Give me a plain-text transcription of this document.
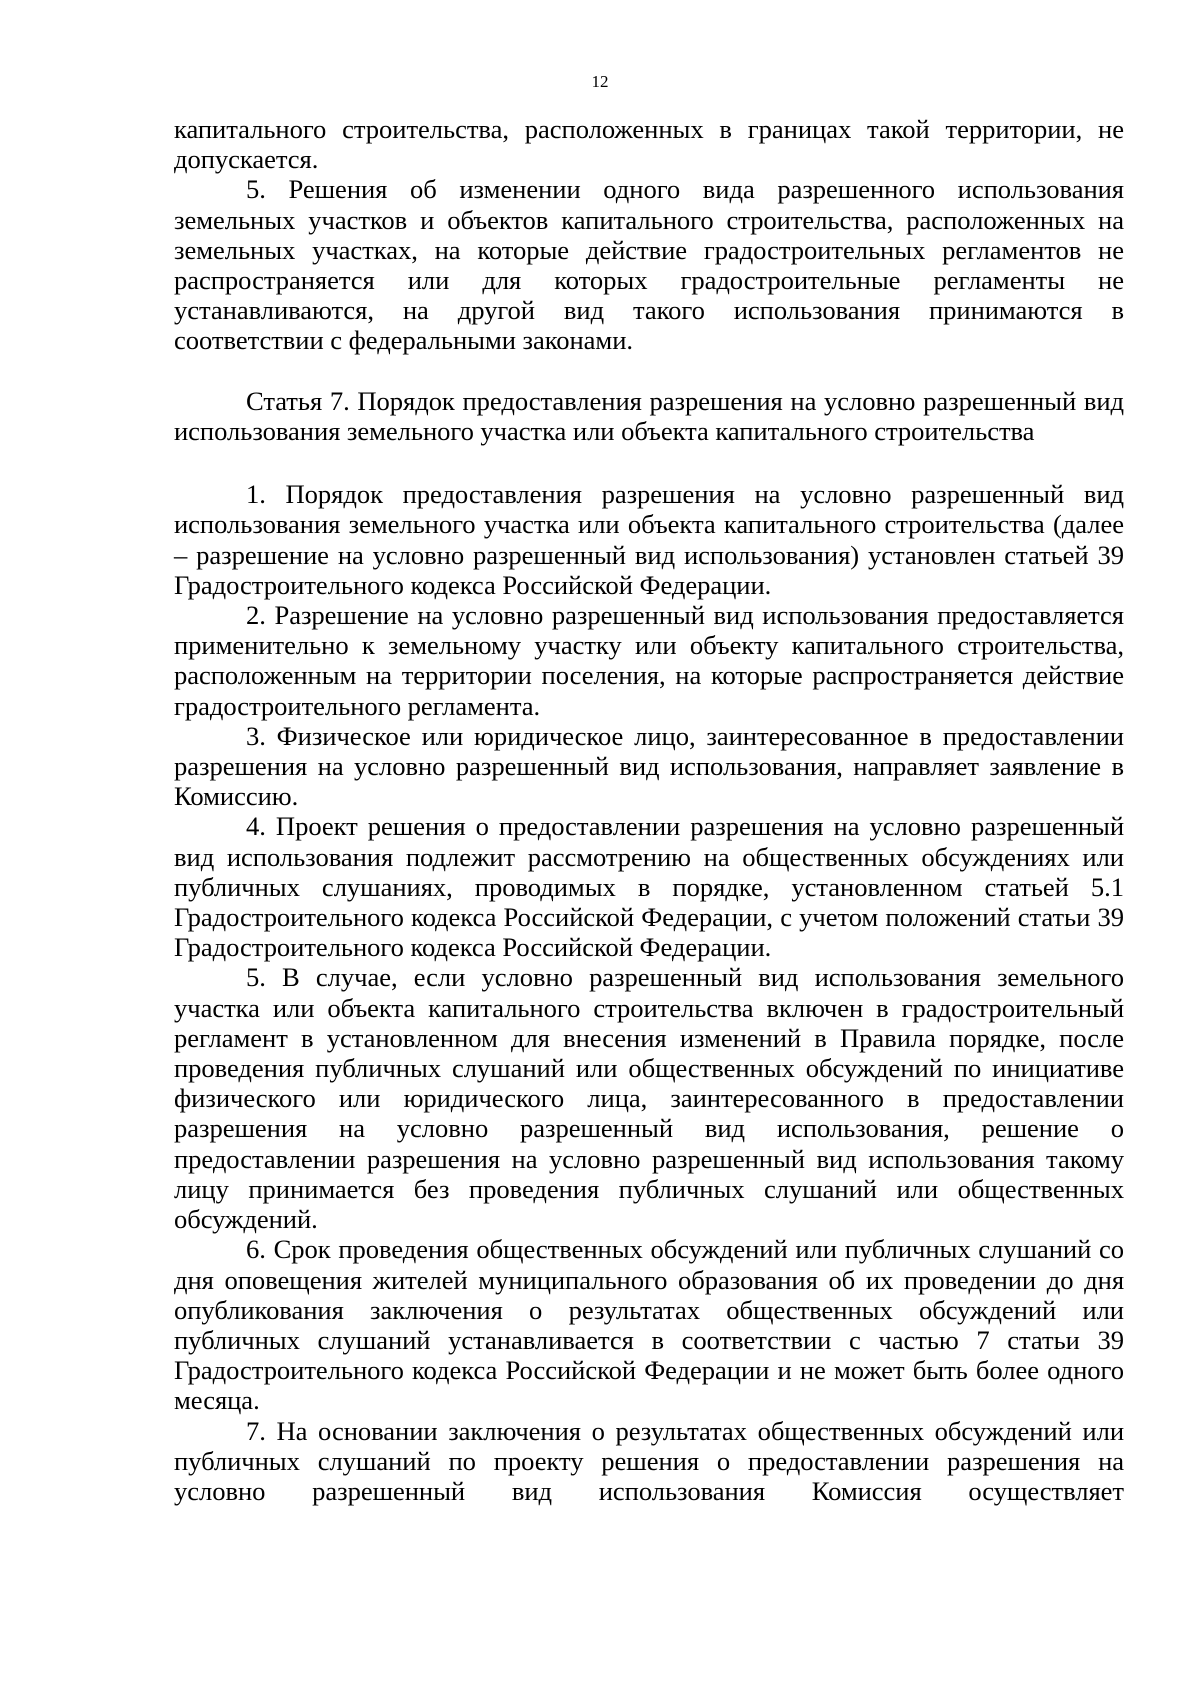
12

капитального строительства, расположенных в границах такой территории, не допускается.

5. Решения об изменении одного вида разрешенного использования земельных участков и объектов капитального строительства, расположенных на земельных участках, на которые действие градостроительных регламентов не распространяется или для которых градостроительные регламенты не устанавливаются, на другой вид такого использования принимаются в соответствии с федеральными законами.

Статья 7. Порядок предоставления разрешения на условно разрешенный вид использования земельного участка или объекта капитального строительства

1. Порядок предоставления разрешения на условно разрешенный вид использования земельного участка или объекта капитального строительства (далее – разрешение на условно разрешенный вид использования) установлен статьей 39 Градостроительного кодекса Российской Федерации.

2. Разрешение на условно разрешенный вид использования предоставляется применительно к земельному участку или объекту капитального строительства, расположенным на территории поселения, на которые распространяется действие градостроительного регламента.

3. Физическое или юридическое лицо, заинтересованное в предоставлении разрешения на условно разрешенный вид использования, направляет заявление в Комиссию.

4. Проект решения о предоставлении разрешения на условно разрешенный вид использования подлежит рассмотрению на общественных обсуждениях или публичных слушаниях, проводимых в порядке, установленном статьей 5.1 Градостроительного кодекса Российской Федерации, с учетом положений статьи 39 Градостроительного кодекса Российской Федерации.

5. В случае, если условно разрешенный вид использования земельного участка или объекта капитального строительства включен в градостроительный регламент в установленном для внесения изменений в Правила порядке, после проведения публичных слушаний или общественных обсуждений по инициативе физического или юридического лица, заинтересованного в предоставлении разрешения на условно разрешенный вид использования, решение о предоставлении разрешения на условно разрешенный вид использования такому лицу принимается без проведения публичных слушаний или общественных обсуждений.

6. Срок проведения общественных обсуждений или публичных слушаний со дня оповещения жителей муниципального образования об их проведении до дня опубликования заключения о результатах общественных обсуждений или публичных слушаний устанавливается в соответствии с частью 7 статьи 39 Градостроительного кодекса Российской Федерации и не может быть более одного месяца.

7. На основании заключения о результатах общественных обсуждений или публичных слушаний по проекту решения о предоставлении разрешения на условно разрешенный вид использования Комиссия осуществляет
